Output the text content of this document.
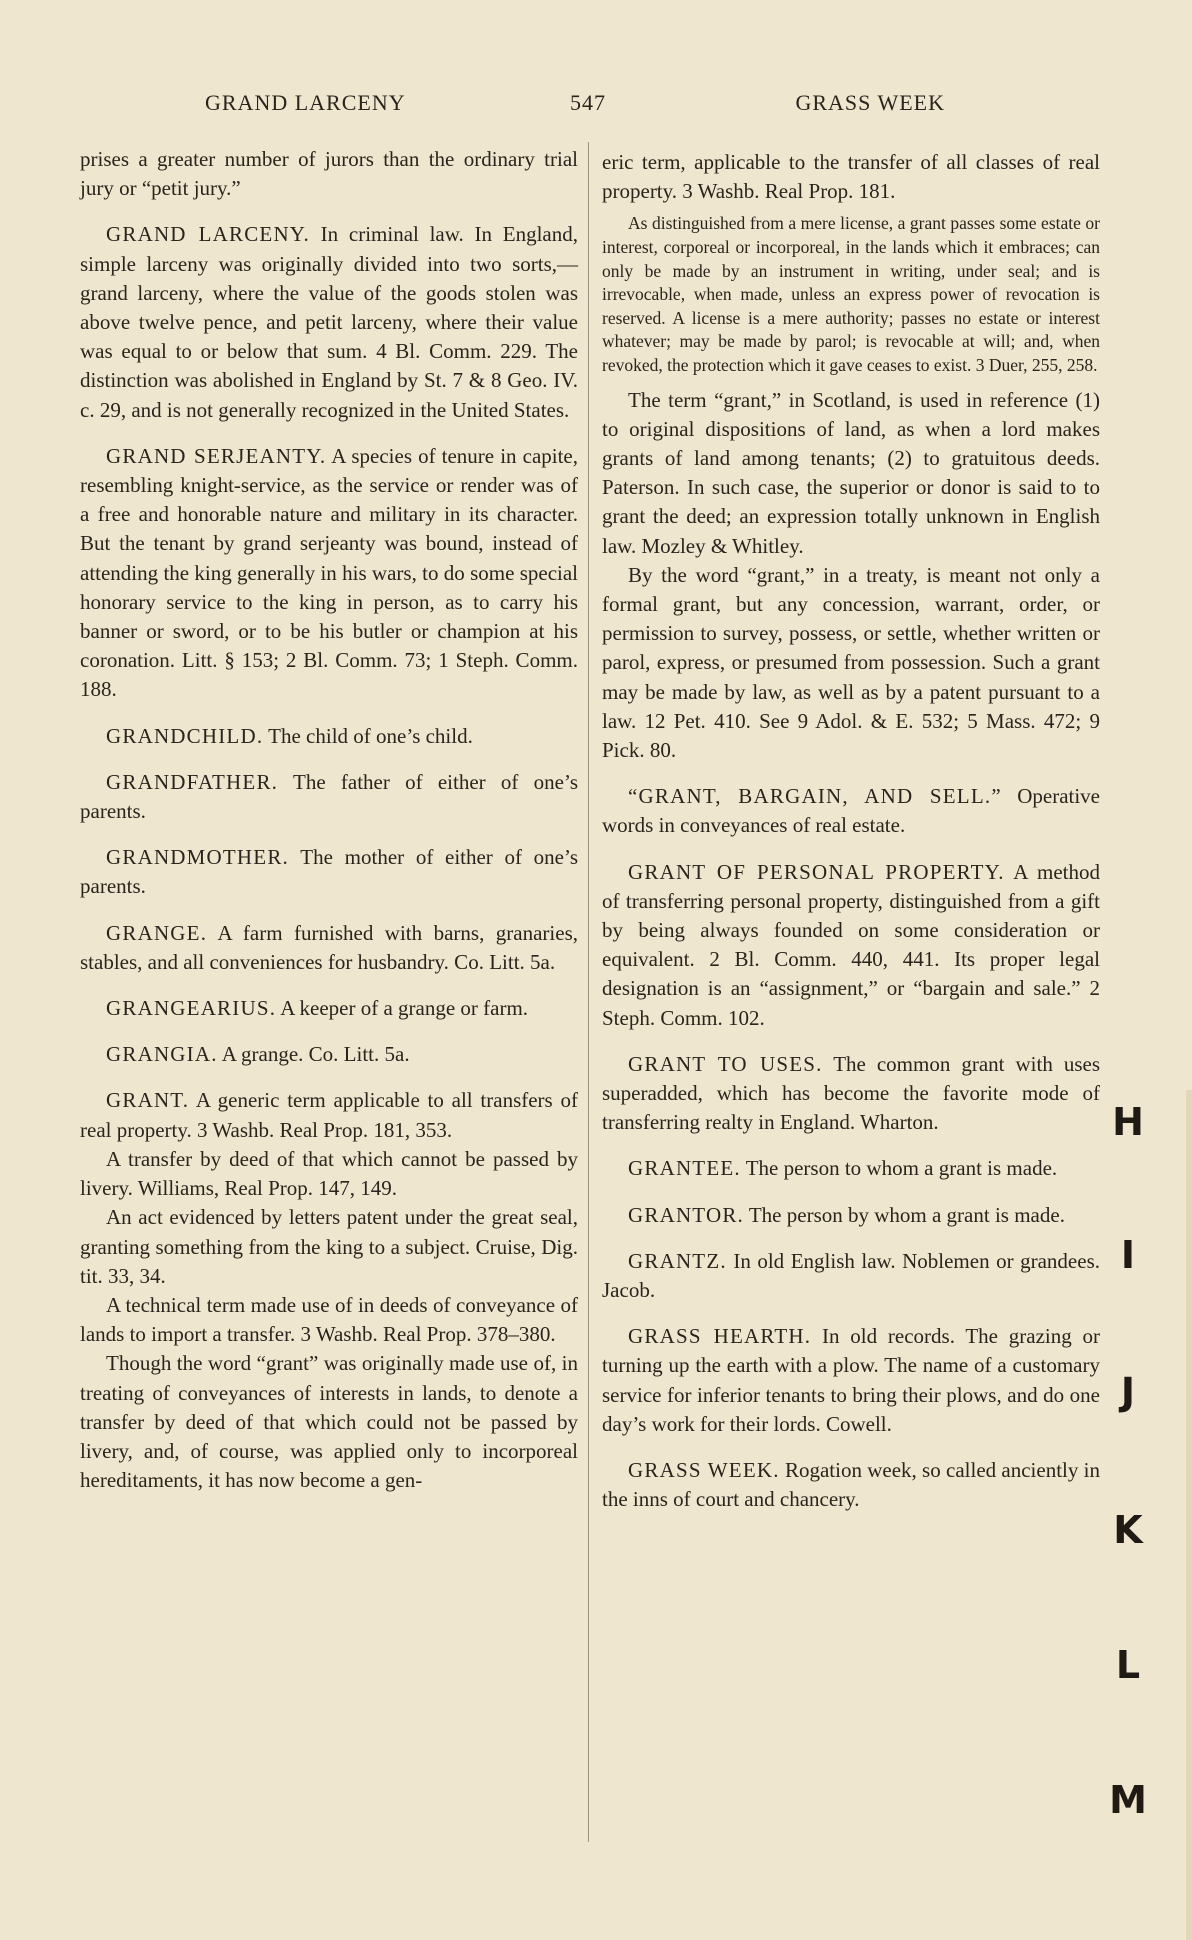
GRAND LARCENY	547	GRASS WEEK

prises a greater number of jurors than the ordinary trial jury or “petit jury.”

GRAND LARCENY. In criminal law. In England, simple larceny was originally divided into two sorts,—grand larceny, where the value of the goods stolen was above twelve pence, and petit larceny, where their value was equal to or below that sum. 4 Bl. Comm. 229. The distinction was abolished in England by St. 7 & 8 Geo. IV. c. 29, and is not generally recognized in the United States.

GRAND SERJEANTY. A species of tenure in capite, resembling knight-service, as the service or render was of a free and honorable nature and military in its character. But the tenant by grand serjeanty was bound, instead of attending the king generally in his wars, to do some special honorary service to the king in person, as to carry his banner or sword, or to be his butler or champion at his coronation. Litt. § 153; 2 Bl. Comm. 73; 1 Steph. Comm. 188.

GRANDCHILD. The child of one’s child.

GRANDFATHER. The father of either of one’s parents.

GRANDMOTHER. The mother of either of one’s parents.

GRANGE. A farm furnished with barns, granaries, stables, and all conveniences for husbandry. Co. Litt. 5a.

GRANGEARIUS. A keeper of a grange or farm.

GRANGIA. A grange. Co. Litt. 5a.

GRANT. A generic term applicable to all transfers of real property. 3 Washb. Real Prop. 181, 353.

A transfer by deed of that which cannot be passed by livery. Williams, Real Prop. 147, 149.

An act evidenced by letters patent under the great seal, granting something from the king to a subject. Cruise, Dig. tit. 33, 34.

A technical term made use of in deeds of conveyance of lands to import a transfer. 3 Washb. Real Prop. 378–380.

Though the word “grant” was originally made use of, in treating of conveyances of interests in lands, to denote a transfer by deed of that which could not be passed by livery, and, of course, was applied only to incorporeal hereditaments, it has now become a gen-

eric term, applicable to the transfer of all classes of real property. 3 Washb. Real Prop. 181.

As distinguished from a mere license, a grant passes some estate or interest, corporeal or incorporeal, in the lands which it embraces; can only be made by an instrument in writing, under seal; and is irrevocable, when made, unless an express power of revocation is reserved. A license is a mere authority; passes no estate or interest whatever; may be made by parol; is revocable at will; and, when revoked, the protection which it gave ceases to exist. 3 Duer, 255, 258.

The term “grant,” in Scotland, is used in reference (1) to original dispositions of land, as when a lord makes grants of land among tenants; (2) to gratuitous deeds. Paterson. In such case, the superior or donor is said to to grant the deed; an expression totally unknown in English law. Mozley & Whitley.

By the word “grant,” in a treaty, is meant not only a formal grant, but any concession, warrant, order, or permission to survey, possess, or settle, whether written or parol, express, or presumed from possession. Such a grant may be made by law, as well as by a patent pursuant to a law. 12 Pet. 410. See 9 Adol. & E. 532; 5 Mass. 472; 9 Pick. 80.

“GRANT, BARGAIN, AND SELL.” Operative words in conveyances of real estate.

GRANT OF PERSONAL PROPERTY. A method of transferring personal property, distinguished from a gift by being always founded on some consideration or equivalent. 2 Bl. Comm. 440, 441. Its proper legal designation is an “assignment,” or “bargain and sale.” 2 Steph. Comm. 102.

GRANT TO USES. The common grant with uses superadded, which has become the favorite mode of transferring realty in England. Wharton.

GRANTEE. The person to whom a grant is made.

GRANTOR. The person by whom a grant is made.

GRANTZ. In old English law. Noblemen or grandees. Jacob.

GRASS HEARTH. In old records. The grazing or turning up the earth with a plow. The name of a customary service for inferior tenants to bring their plows, and do one day’s work for their lords. Cowell.

GRASS WEEK. Rogation week, so called anciently in the inns of court and chancery.

H
I
J
K
L
M
